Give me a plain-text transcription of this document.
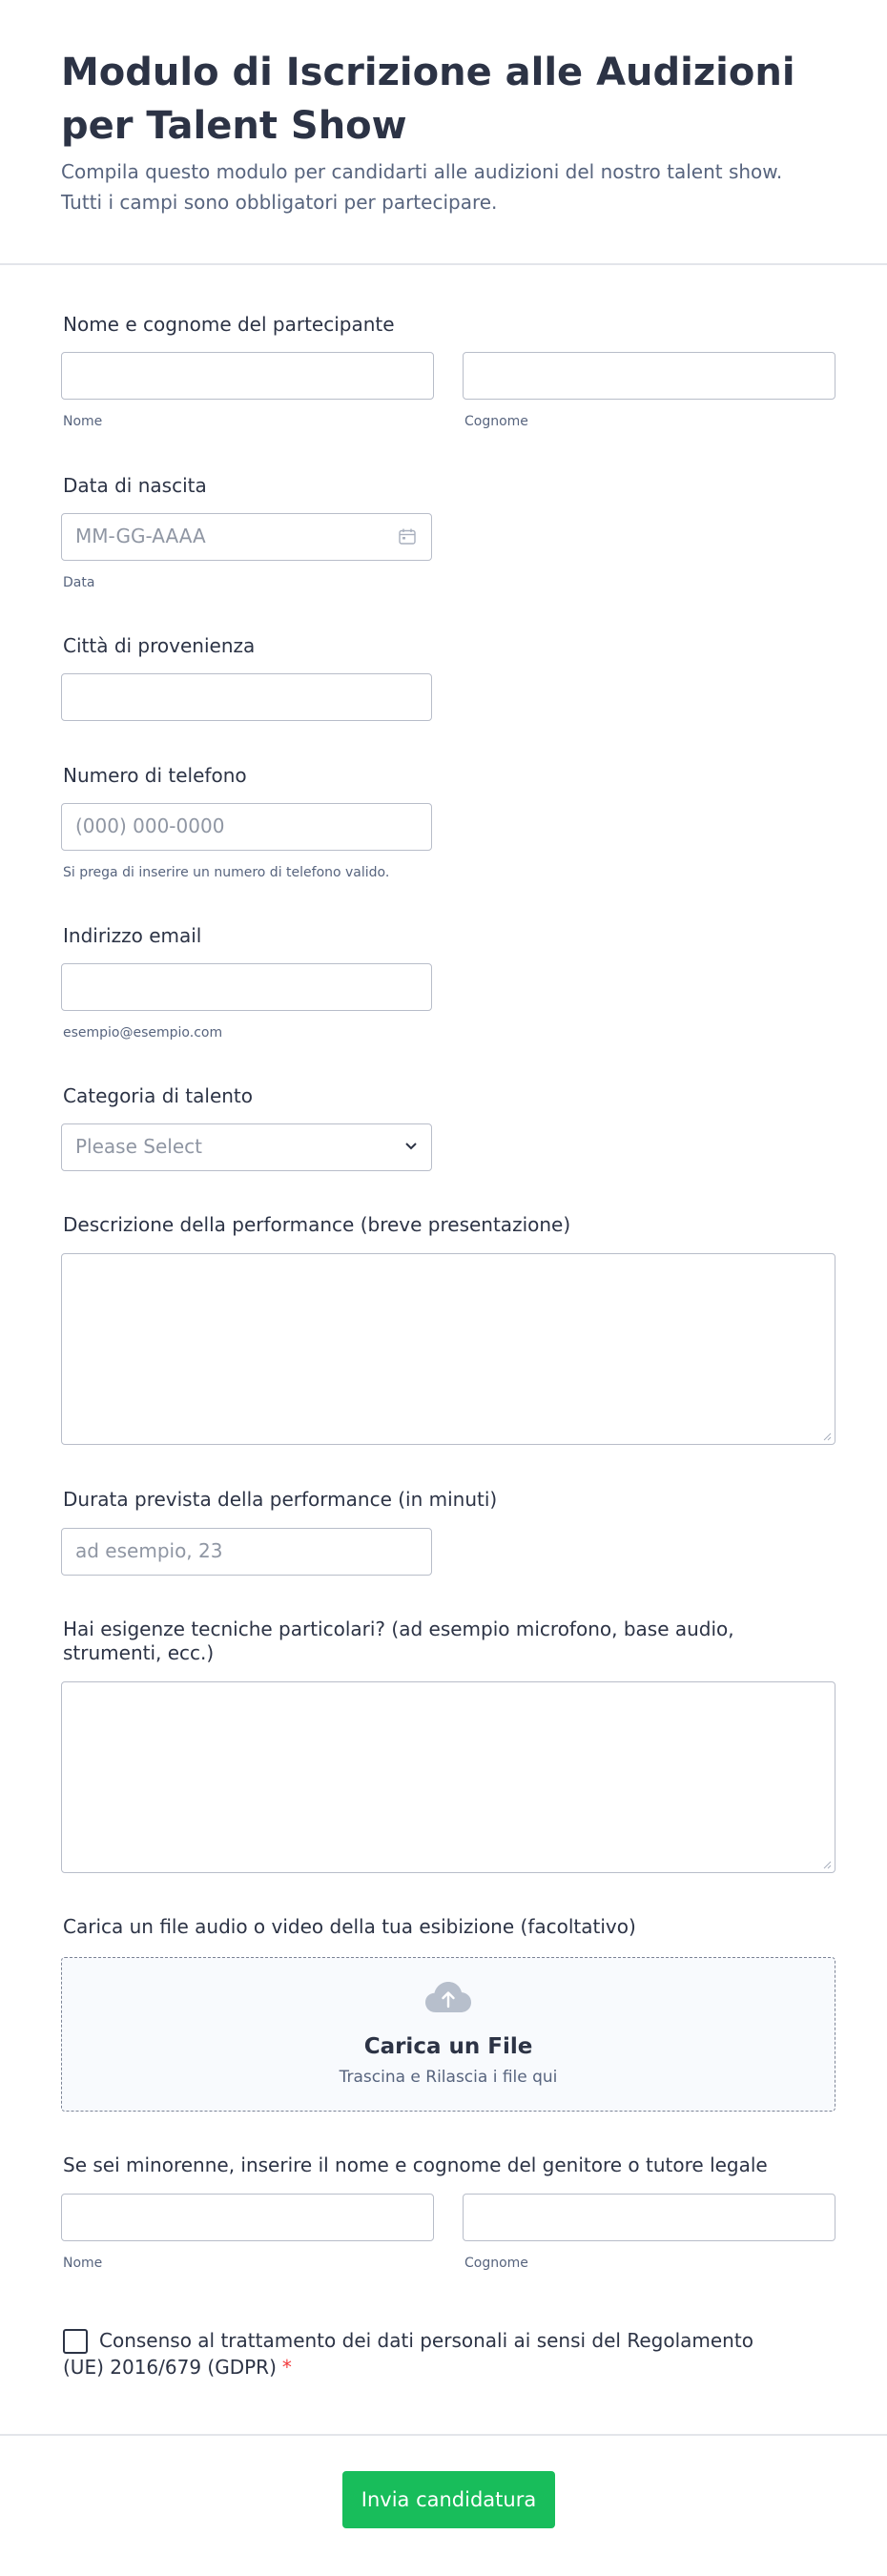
Modulo di Iscrizione alle Audizioni per Talent Show
Compila questo modulo per candidarti alle audizioni del nostro talent show. Tutti i campi sono obbligatori per partecipare.
Nome e cognome del partecipante
Nome	Cognome
Data di nascita
MM-GG-AAAA
Data
Città di provenienza
Numero di telefono
(000) 000-0000
Si prega di inserire un numero di telefono valido.
Indirizzo email
esempio@esempio.com
Categoria di talento
Please Select
Descrizione della performance (breve presentazione)
Durata prevista della performance (in minuti)
ad esempio, 23
Hai esigenze tecniche particolari? (ad esempio microfono, base audio, strumenti, ecc.)
Carica un file audio o video della tua esibizione (facoltativo)
Carica un File
Trascina e Rilascia i file qui
Se sei minorenne, inserire il nome e cognome del genitore o tutore legale
Nome	Cognome
Consenso al trattamento dei dati personali ai sensi del Regolamento (UE) 2016/679 (GDPR) *
Invia candidatura
